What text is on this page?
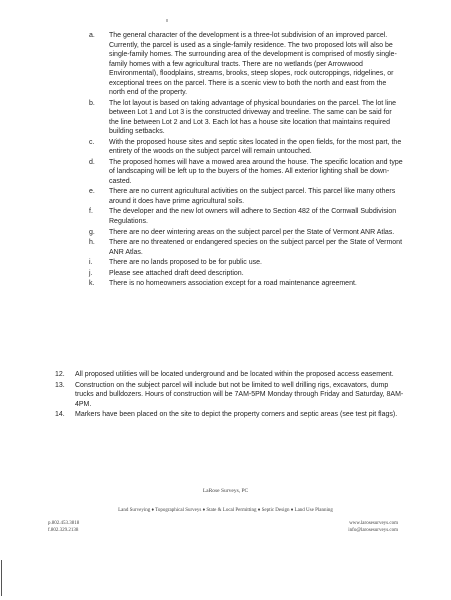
a.	The general character of the development is a three-lot subdivision of an improved parcel. Currently, the parcel is used as a single-family residence. The two proposed lots will also be single-family homes. The surrounding area of the development is comprised of mostly single-family homes with a few agricultural tracts. There are no wetlands (per Arrowwood Environmental), floodplains, streams, brooks, steep slopes, rock outcroppings, ridgelines, or exceptional trees on the parcel. There is a scenic view to both the north and east from the north end of the property.
b.	The lot layout is based on taking advantage of physical boundaries on the parcel. The lot line between Lot 1 and Lot 3 is the constructed driveway and treeline. The same can be said for the line between Lot 2 and Lot 3. Each lot has a house site location that maintains required building setbacks.
c.	With the proposed house sites and septic sites located in the open fields, for the most part, the entirety of the woods on the subject parcel will remain untouched.
d.	The proposed homes will have a mowed area around the house. The specific location and type of landscaping will be left up to the buyers of the homes. All exterior lighting shall be down-casted.
e.	There are no current agricultural activities on the subject parcel. This parcel like many others around it does have prime agricultural soils.
f.	The developer and the new lot owners will adhere to Section 482 of the Cornwall Subdivision Regulations.
g.	There are no deer wintering areas on the subject parcel per the State of Vermont ANR Atlas.
h.	There are no threatened or endangered species on the subject parcel per the State of Vermont ANR Atlas.
i.	There are no lands proposed to be for public use.
j.	Please see attached draft deed description.
k.	There is no homeowners association except for a road maintenance agreement.
12.	All proposed utilities will be located underground and be located within the proposed access easement.
13.	Construction on the subject parcel will include but not be limited to well drilling rigs, excavators, dump trucks and bulldozers. Hours of construction will be 7AM-5PM Monday through Friday and Saturday, 8AM-4PM.
14.	Markers have been placed on the site to depict the property corners and septic areas (see test pit flags).
LaRose Surveys, PC
Land Surveying ♦ Topographical Surveys ♦ State & Local Permitting ♦ Septic Design ♦ Land Use Planning
p.802.453.3818
f.802.329.2138
www.larosesurveys.com
info@larosesurveys.com
